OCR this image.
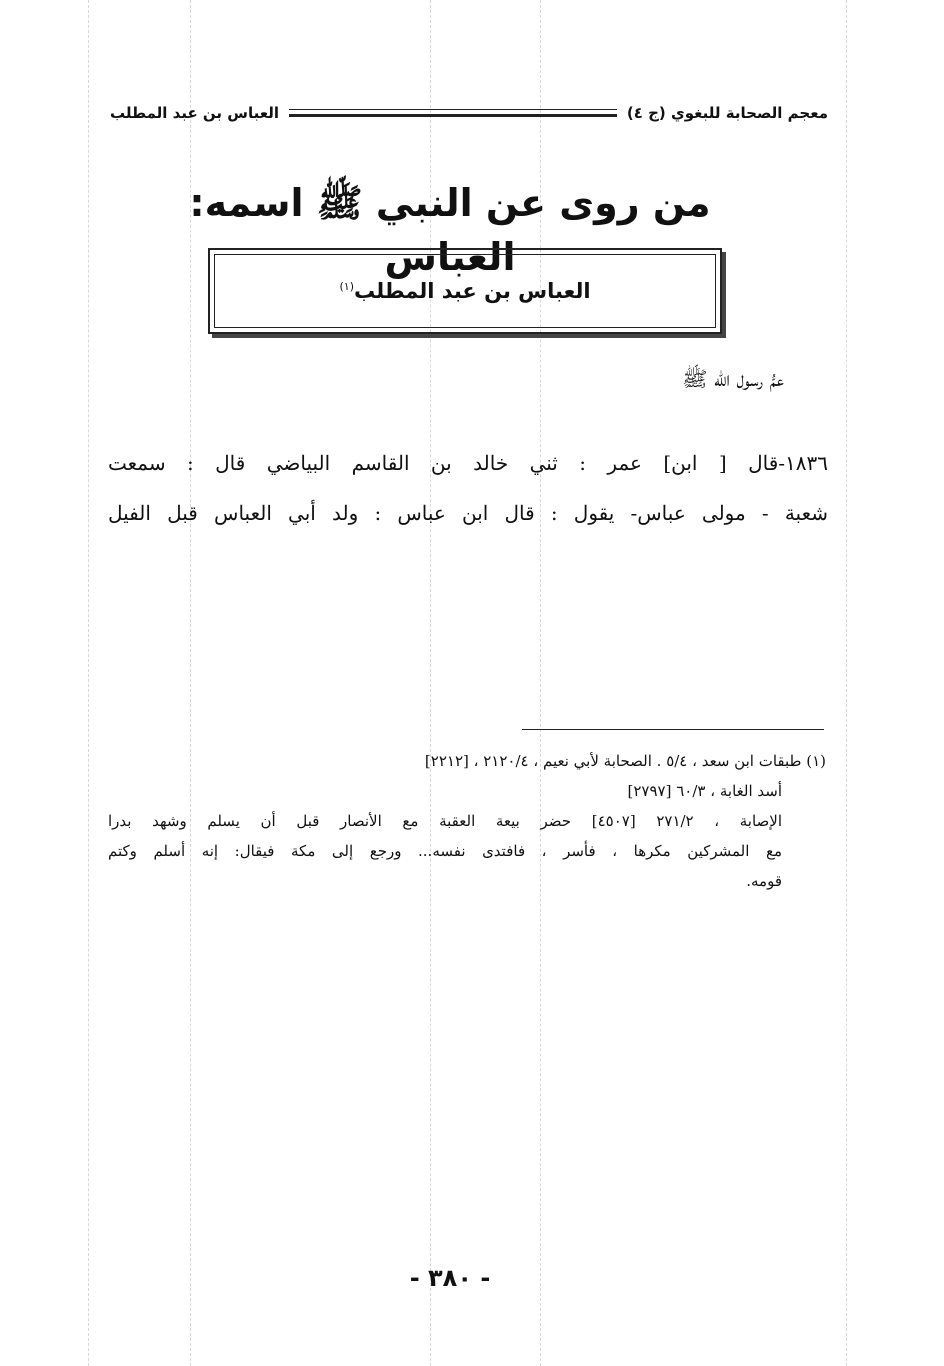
معجم الصحابة للبغوي (ج ٤)
العباس بن عبد المطلب
من روى عن النبي ﷺ اسمه: العباس
العباس بن عبد المطلب$^{(١)}$
عمُّ رسول الله ﷺ
١٨٣٦-قال [ ابن] عمر : ثني خالد بن القاسم البياضي قال : سمعت
شعبة - مولى عباس- يقول : قال ابن عباس : ولد أبي العباس قبل الفيل
(١) طبقات ابن سعد ، ٥/٤ . الصحابة لأبي نعيم ، ٢١٢٠/٤ ، [٢٢١٢]
أسد الغابة ، ٦٠/٣ [٢٧٩٧]
الإصابة ، ٢٧١/٢ [٤٥٠٧] حضر بيعة العقبة مع الأنصار قبل أن يسلم وشهد بدرا
مع المشركين مكرها ، فأسر ، فافتدى نفسه... ورجع إلى مكة فيقال: إنه أسلم وكتم
قومه.
- ٣٨٠ -
